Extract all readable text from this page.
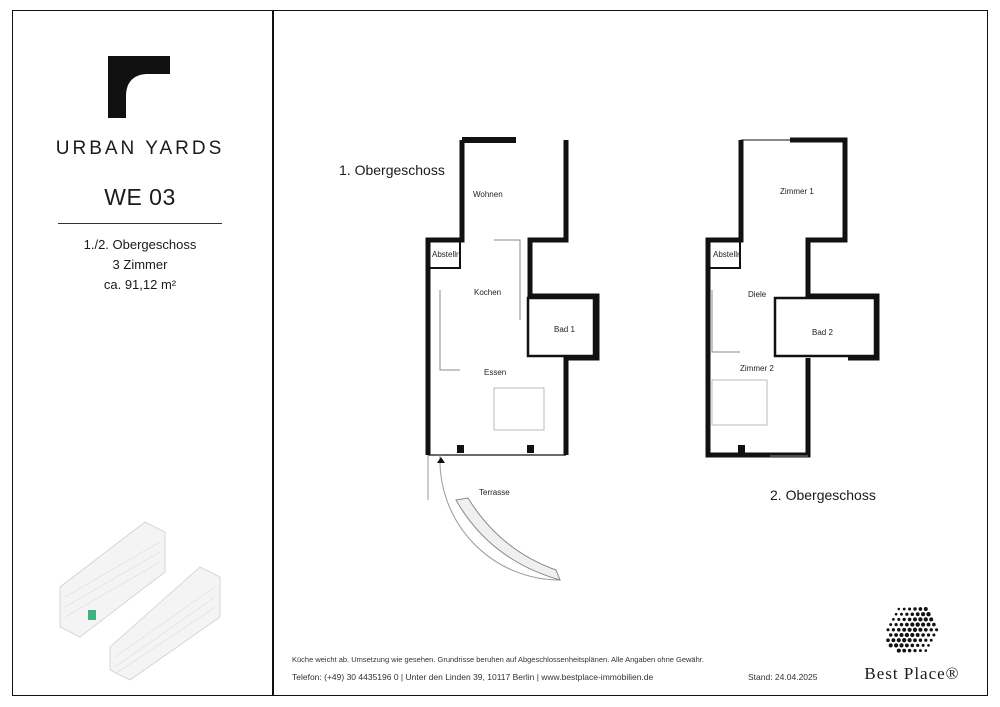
URBAN YARDS
WE 03
1./2. Obergeschoss
3 Zimmer
ca. 91,12 m²
Wohnen
Abstellr.
Kochen
Bad 1
Essen
Terrasse
Zimmer 1
Abstellr.
Diele
Bad 2
Zimmer 2
1. Obergeschoss
2. Obergeschoss
Küche weicht ab. Umsetzung wie gesehen. Grundrisse beruhen auf Abgeschlossenheitsplänen. Alle Angaben ohne Gewähr.
Telefon: (+49) 30 4435196 0 | Unter den Linden 39, 10117 Berlin | www.bestplace-immobilien.de	Stand: 24.04.2025	Best Place®
